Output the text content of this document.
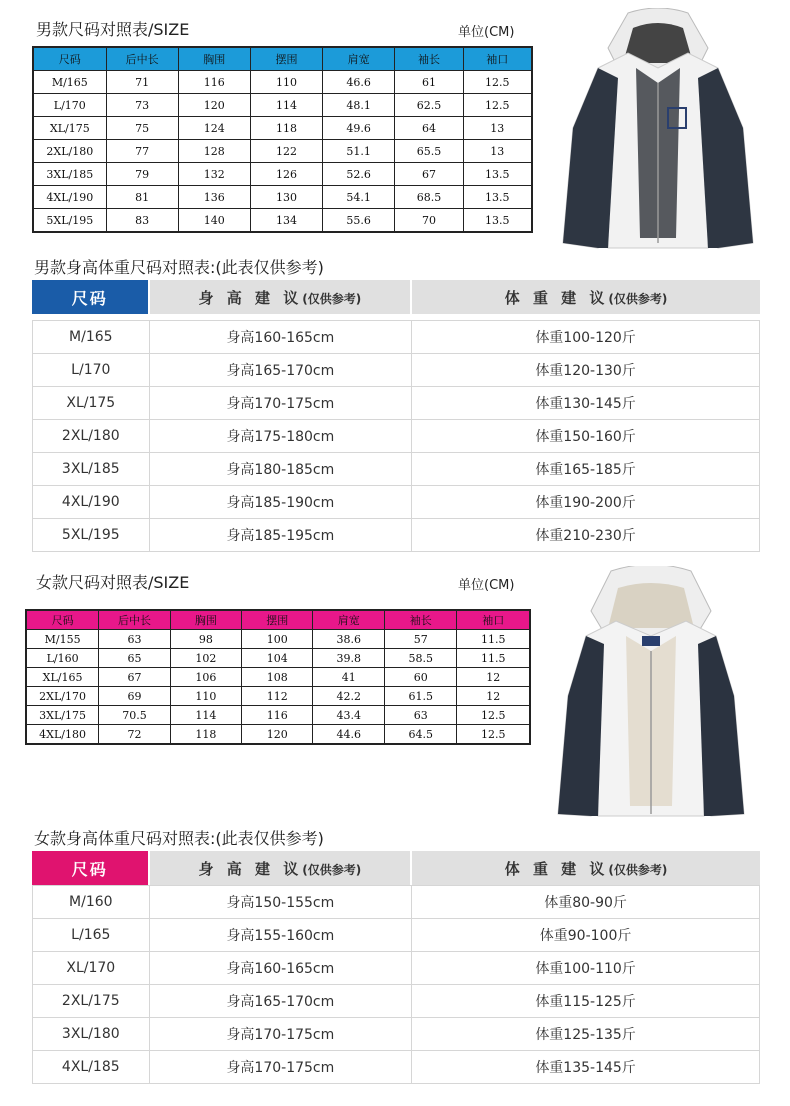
男款尺码对照表/SIZE	单位(CM)
尺码	后中长	胸围	摆围	肩宽	袖长	袖口
M/165	71	116	110	46.6	61	12.5
L/170	73	120	114	48.1	62.5	12.5
XL/175	75	124	118	49.6	64	13
2XL/180	77	128	122	51.1	65.5	13
3XL/185	79	132	126	52.6	67	13.5
4XL/190	81	136	130	54.1	68.5	13.5
5XL/195	83	140	134	55.6	70	13.5
男款身高体重尺码对照表:(此表仅供参考)
尺码	身 高 建 议(仅供参考)	体 重 建 议(仅供参考)

M/165	身高160-165cm	体重100-120斤
L/170	身高165-170cm	体重120-130斤
XL/175	身高170-175cm	体重130-145斤
2XL/180	身高175-180cm	体重150-160斤
3XL/185	身高180-185cm	体重165-185斤
4XL/190	身高185-190cm	体重190-200斤
5XL/195	身高185-195cm	体重210-230斤
女款尺码对照表/SIZE	单位(CM)
尺码	后中长	胸围	摆围	肩宽	袖长	袖口
M/155	63	98	100	38.6	57	11.5
L/160	65	102	104	39.8	58.5	11.5
XL/165	67	106	108	41	60	12
2XL/170	69	110	112	42.2	61.5	12
3XL/175	70.5	114	116	43.4	63	12.5
4XL/180	72	118	120	44.6	64.5	12.5
女款身高体重尺码对照表:(此表仅供参考)
尺码	身 高 建 议(仅供参考)	体 重 建 议(仅供参考)
M/160	身高150-155cm	体重80-90斤
L/165	身高155-160cm	体重90-100斤
XL/170	身高160-165cm	体重100-110斤
2XL/175	身高165-170cm	体重115-125斤
3XL/180	身高170-175cm	体重125-135斤
4XL/185	身高170-175cm	体重135-145斤
